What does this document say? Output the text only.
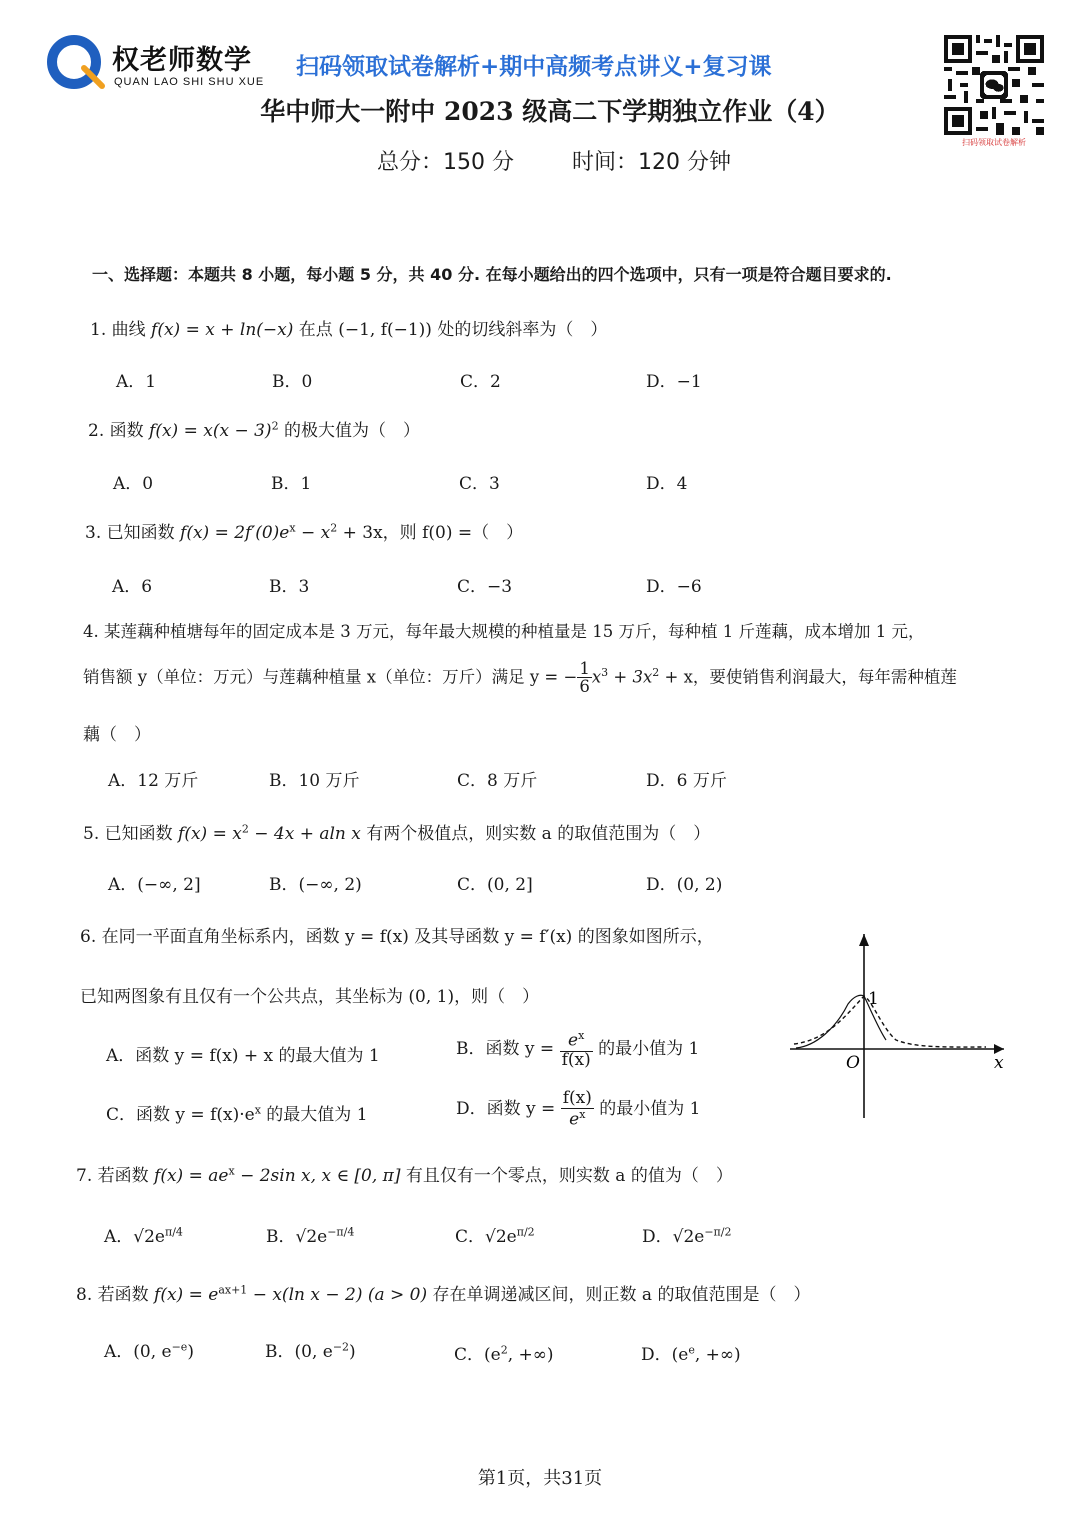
权老师数学
QUAN LAO SHI SHU XUE
扫码领取试卷解析+期中高频考点讲义+复习课
扫码领取试卷解析
华中师大一附中 2023 级高二下学期独立作业（4）
总分：150 分	时间：120 分钟
一、选择题：本题共 8 小题，每小题 5 分，共 40 分. 在每小题给出的四个选项中，只有一项是符合题目要求的.
1. 曲线 f(x) = x + ln(−x) 在点 (−1, f(−1)) 处的切线斜率为（　）
A．1	B．0	C．2	D．−1
2. 函数 $f(x) = x(x - 3)^2$ 的极大值为（　）
A．0	B．1	C．3	D．4
3. 已知函数 $f(x) = 2f'(0)e^x - x^2 + 3x$，则 f(0) =（　）
A．6	B．3	C．−3	D．−6
4. 某莲藕种植塘每年的固定成本是 3 万元，每年最大规模的种植量是 15 万斤，每种植 1 斤莲藕，成本增加 1 元，
销售额 y（单位：万元）与莲藕种植量 x（单位：万斤）满足 y = − $\frac{1}{6} x^3 + 3x^2 + x$，要使销售利润最大，每年需种植莲
藕（　）
A．12 万斤	B．10 万斤	C．8 万斤	D．6 万斤
5. 已知函数 $f(x) = x^2 - 4x + aln$ x 有两个极值点，则实数 a 的取值范围为（　）
A．(−∞, 2]	B．(−∞, 2)	C．(0, 2]	D．(0, 2)
6. 在同一平面直角坐标系内，函数 y = f(x) 及其导函数 y = f′(x) 的图象如图所示，
已知两图象有且仅有一个公共点，其坐标为 (0, 1)，则（　）
A．函数 y = f(x) + x 的最大值为 1	B．函数 $y = \frac{e^x}{f(x)}$ 的最小值为 1
C．函数 $y = f(x)\cdot e^x$ 的最大值为 1	D．函数 $y = \frac{f(x)}{e^x}$ 的最小值为 1
1
O	x
7. 若函数 $f(x) = ae^x - 2\sin$ x, x ∈ [0, π] 有且仅有一个零点，则实数 a 的值为（　）
A．$√2e^{\pi/4}$	B．$√2e^{-\pi/4}$	C．$√2e^{\pi/2}$	D．$√2e^{-\pi/2}$
8. 若函数 $f(x) = e^{ax+1} - x(\ln$ x − 2) (a > 0) 存在单调递减区间，则正数 a 的取值范围是（　）
A．(0, $e^{-e}$)	B．(0, $e^{-2}$)	C．($e^2$, +∞)	D．($e^e$, +∞)
第1页，共31页
